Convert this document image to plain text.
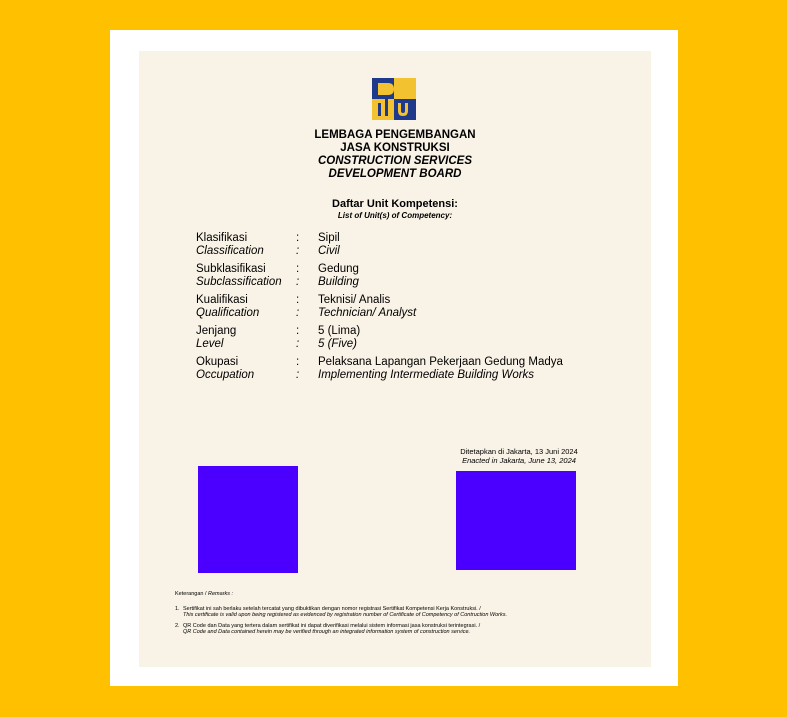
LEMBAGA PENGEMBANGAN
JASA KONSTRUKSI
CONSTRUCTION SERVICES
DEVELOPMENT BOARD
Daftar Unit Kompetensi:
List of Unit(s) of Competency:
Klasifikasi	:	Sipil
Classification	:	Civil
Subklasifikasi	:	Gedung
Subclassification	:	Building
Kualifikasi	:	Teknisi/ Analis
Qualification	:	Technician/ Analyst
Jenjang	:	5 (Lima)
Level	:	5 (Five)
Okupasi	:	Pelaksana Lapangan Pekerjaan Gedung Madya
Occupation	:	Implementing Intermediate Building Works
Ditetapkan di Jakarta, 13 Juni 2024
Enacted in Jakarta, June 13, 2024
Keterangan / Remarks :
1. Sertifikat ini sah berlaku setelah tercatat yang dibuktikan dengan nomor registrasi Sertifikat Kompetensi Kerja Konstruksi. /
This certificate is valid upon being registered as evidenced by registration number of Certificate of Competency of Contruction Works.
2. QR Code dan Data yang tertera dalam sertifikat ini dapat diverifikasi melalui sistem informasi jasa konstruksi terintegrasi. /
QR Code and Data contained herein may be verified through an integrated information system of construction service.
